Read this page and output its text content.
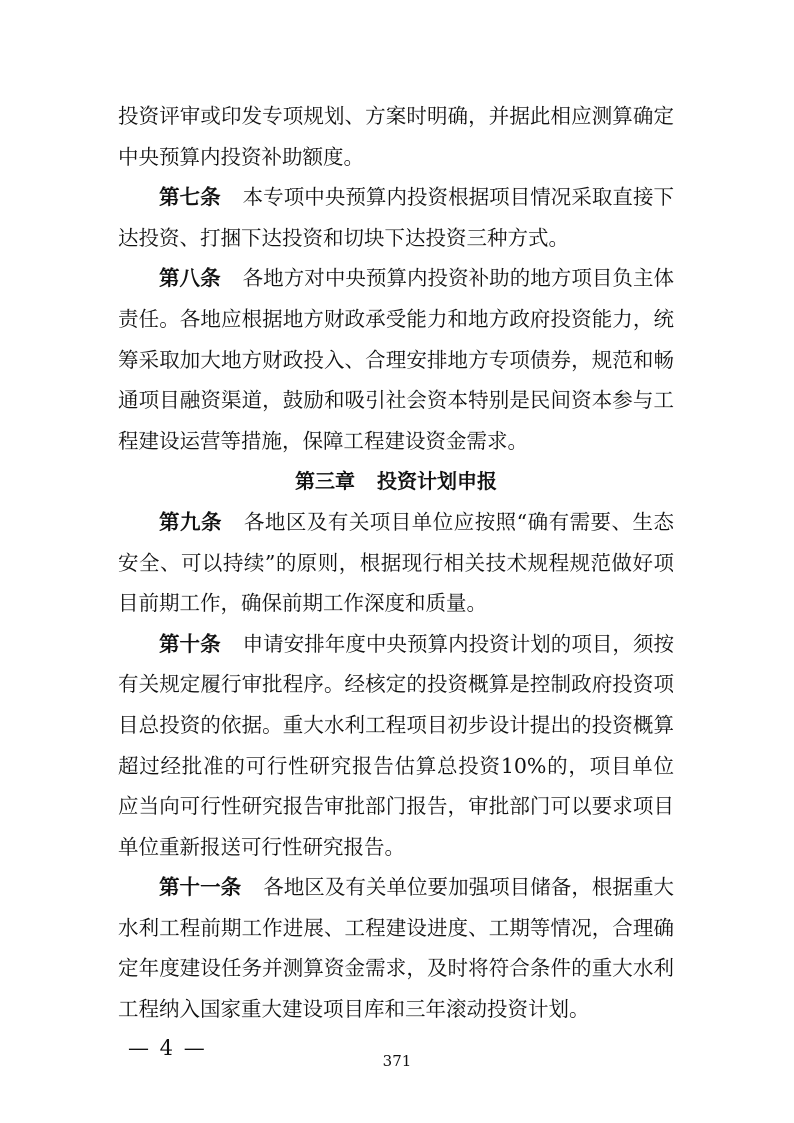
投资评审或印发专项规划、方案时明确，并据此相应测算确定中央预算内投资补助额度。

第七条 本专项中央预算内投资根据项目情况采取直接下达投资、打捆下达投资和切块下达投资三种方式。

第八条 各地方对中央预算内投资补助的地方项目负主体责任。各地应根据地方财政承受能力和地方政府投资能力，统筹采取加大地方财政投入、合理安排地方专项债券，规范和畅通项目融资渠道，鼓励和吸引社会资本特别是民间资本参与工程建设运营等措施，保障工程建设资金需求。

第三章 投资计划申报

第九条 各地区及有关项目单位应按照“确有需要、生态安全、可以持续”的原则，根据现行相关技术规程规范做好项目前期工作，确保前期工作深度和质量。

第十条 申请安排年度中央预算内投资计划的项目，须按有关规定履行审批程序。经核定的投资概算是控制政府投资项目总投资的依据。重大水利工程项目初步设计提出的投资概算超过经批准的可行性研究报告估算总投资10%的，项目单位应当向可行性研究报告审批部门报告，审批部门可以要求项目单位重新报送可行性研究报告。

第十一条 各地区及有关单位要加强项目储备，根据重大水利工程前期工作进展、工程建设进度、工期等情况，合理确定年度建设任务并测算资金需求，及时将符合条件的重大水利工程纳入国家重大建设项目库和三年滚动投资计划。

— 4 —
371
